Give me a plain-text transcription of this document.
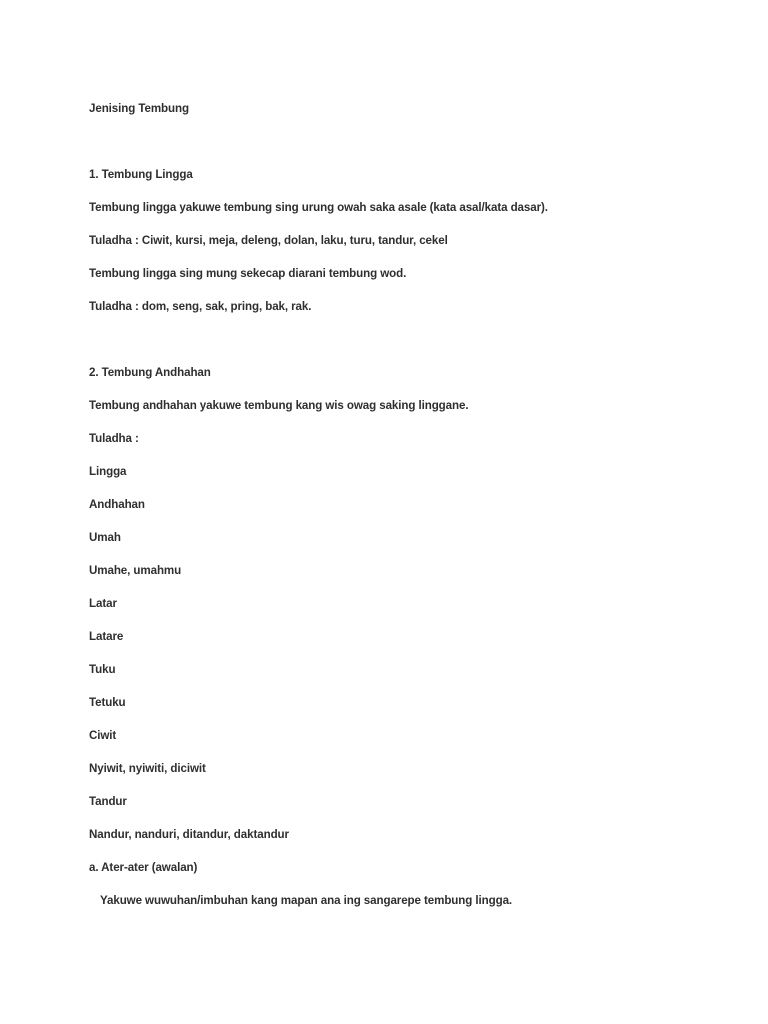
Jenising Tembung
1. Tembung Lingga
Tembung lingga yakuwe tembung sing urung owah saka asale (kata asal/kata dasar).
Tuladha : Ciwit, kursi, meja, deleng, dolan, laku, turu, tandur, cekel
Tembung lingga sing mung sekecap diarani tembung wod.
Tuladha : dom, seng, sak, pring, bak, rak.
2. Tembung Andhahan
Tembung andhahan yakuwe tembung kang wis owag saking linggane.
Tuladha :
Lingga
Andhahan
Umah
Umahe, umahmu
Latar
Latare
Tuku
Tetuku
Ciwit
Nyiwit, nyiwiti, diciwit
Tandur
Nandur, nanduri, ditandur, daktandur
a. Ater-ater (awalan)
Yakuwe wuwuhan/imbuhan kang mapan ana ing sangarepe tembung lingga.
